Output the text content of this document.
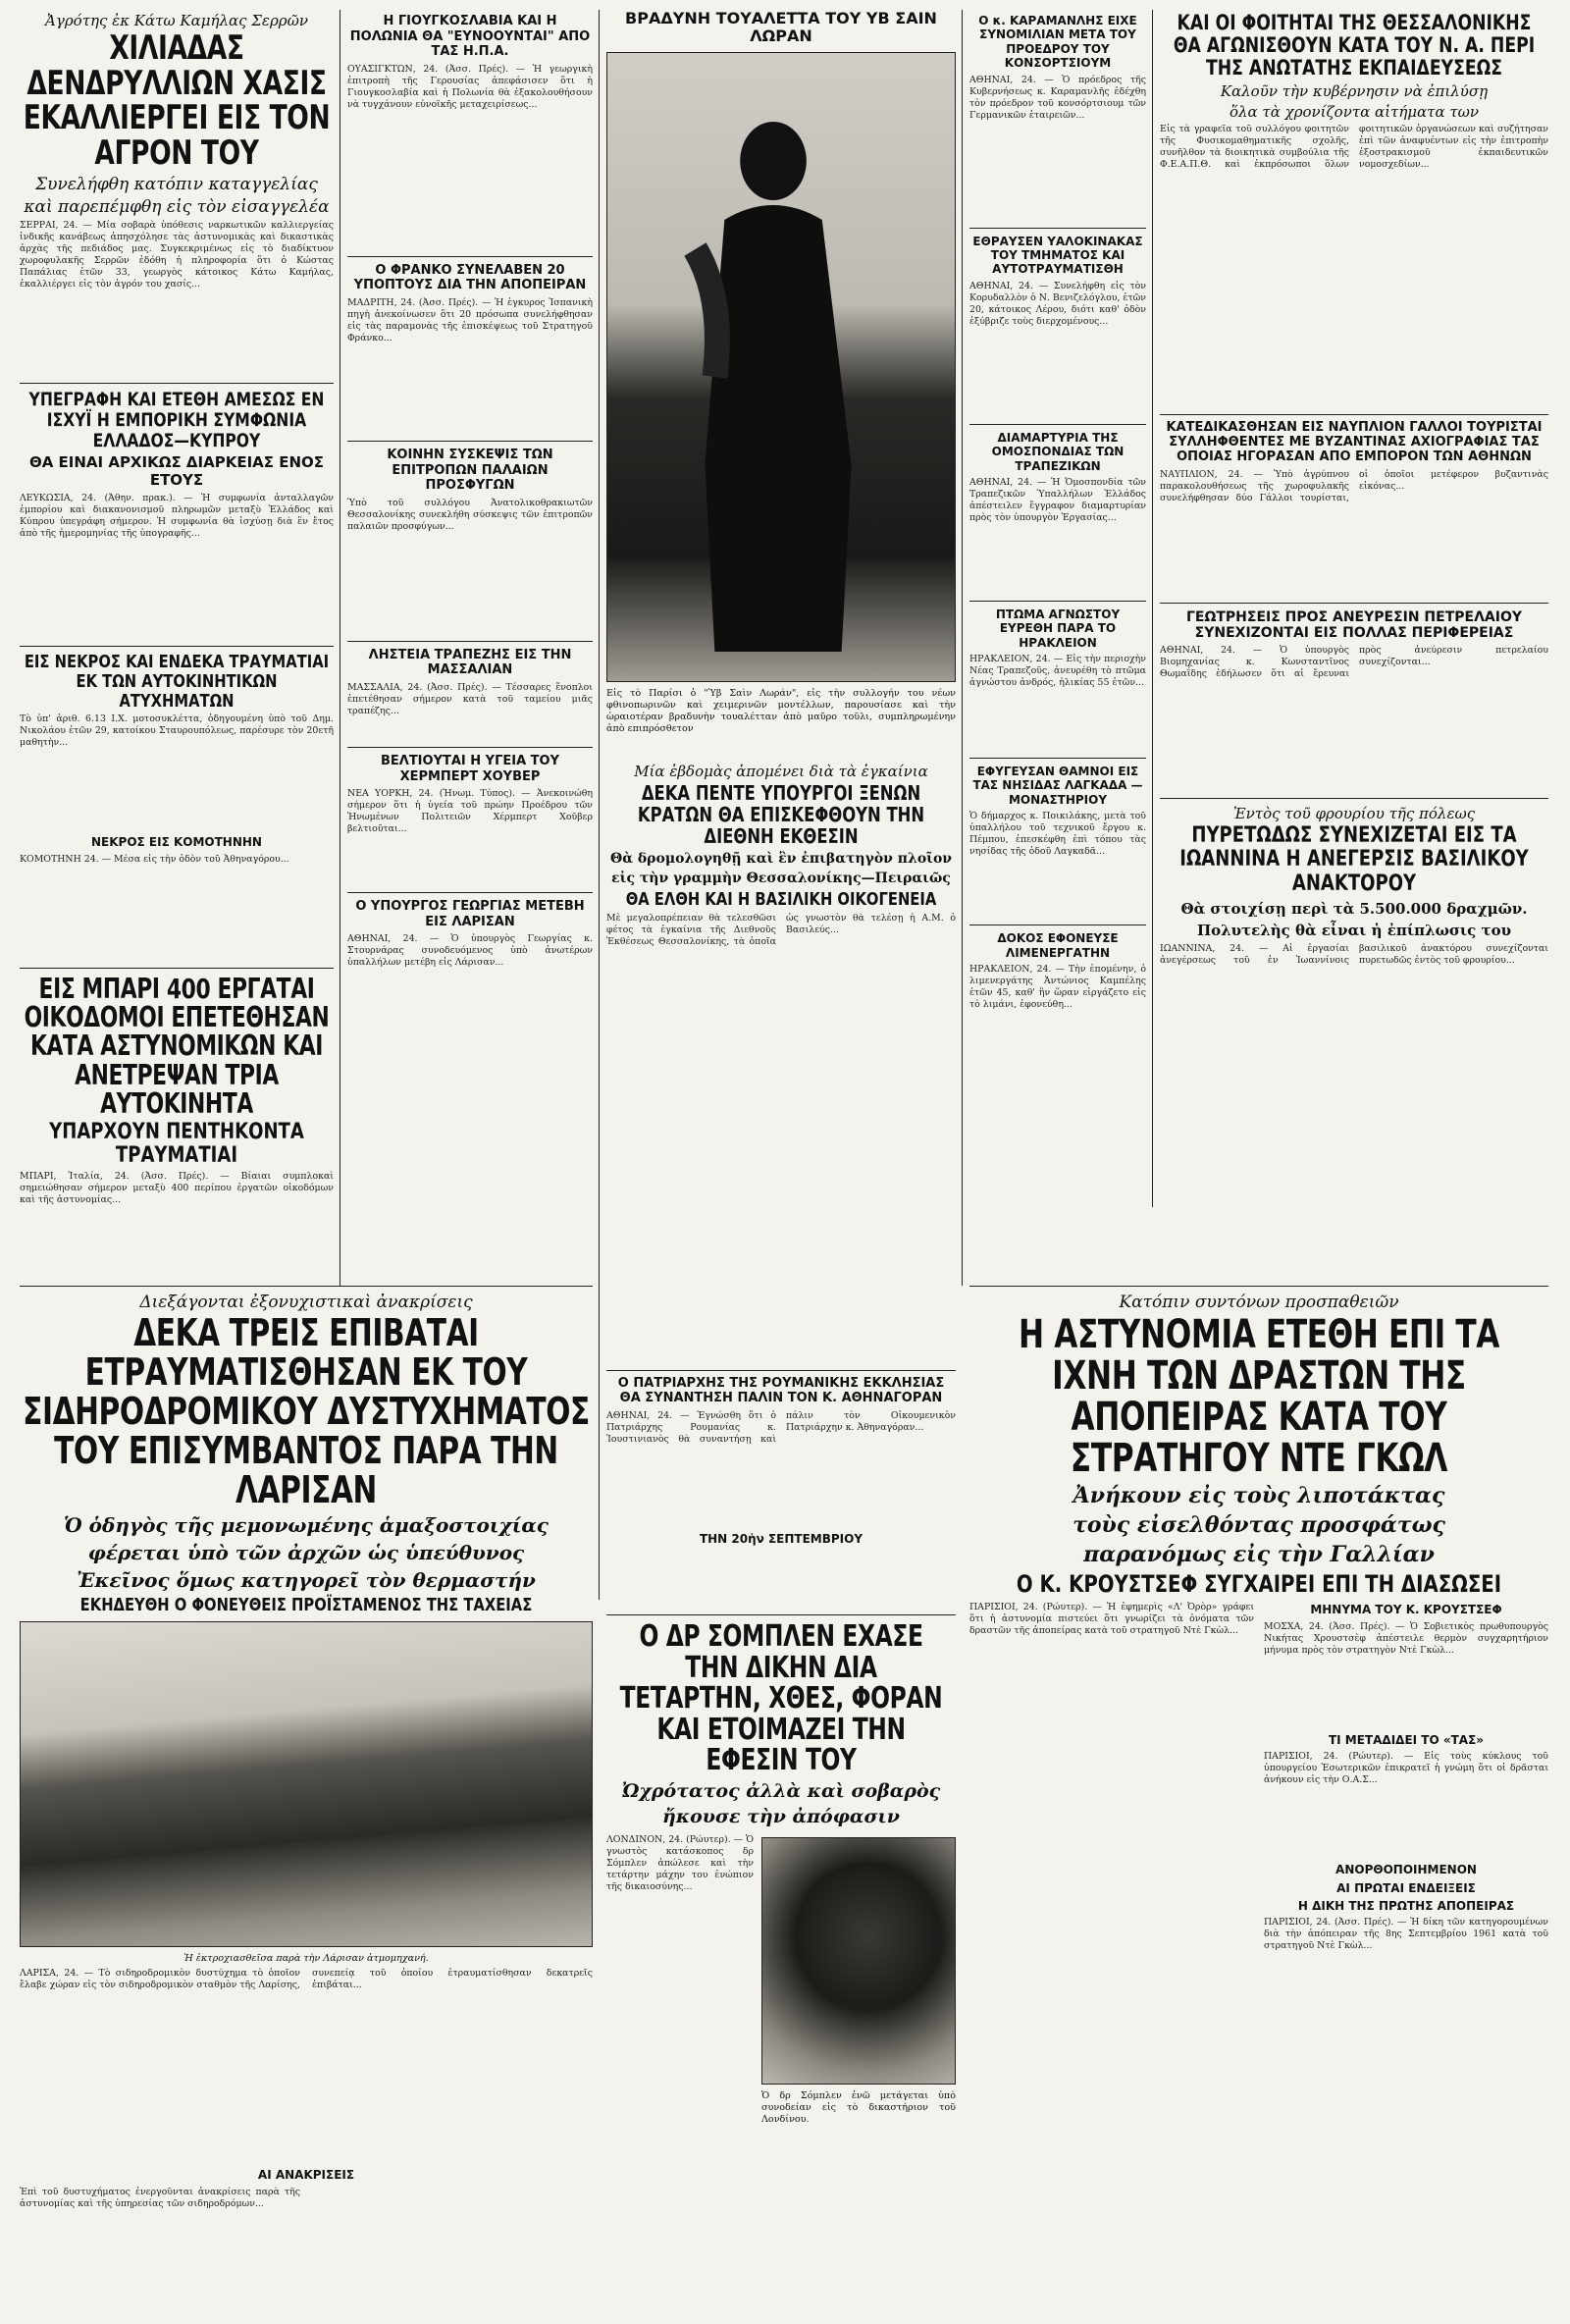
Ἀγρότης ἐκ Κάτω Καμήλας Σερρῶν
ΧΙΛΙΑΔΑΣ ΔΕΝΔΡΥΛΛΙΩΝ ΧΑΣΙΣ ΕΚΑΛΛΙΕΡΓΕΙ ΕΙΣ ΤΟΝ ΑΓΡΟΝ ΤΟΥ
Συνελήφθη κατόπιν καταγγελίας
καὶ παρεπέμφθη εἰς τὸν εἰσαγγελέα
ΣΕΡΡΑΙ, 24. — Μία σοβαρὰ ὑπόθεσις ναρκωτικῶν καλλιεργείας ἰνδικῆς κανάβεως ἀπησχόλησε τὰς ἀστυνομικὰς καὶ δικαστικὰς ἀρχὰς τῆς πεδιάδος μας. Συγκεκριμένως εἰς τὸ διαδίκτυον χωροφυλακῆς Σερρῶν ἐδόθη ἡ πληροφορία ὅτι ὁ Κώστας Παπάλιας ἐτῶν 33, γεωργὸς κάτοικος Κάτω Καμήλας, ἐκαλλιέργει εἰς τὸν ἀγρόν του χασίς...
ΥΠΕΓΡΑΦΗ ΚΑΙ ΕΤΕΘΗ ΑΜΕΣΩΣ ΕΝ ΙΣΧΥΪ Η ΕΜΠΟΡΙΚΗ ΣΥΜΦΩΝΙΑ ΕΛΛΑΔΟΣ—ΚΥΠΡΟΥ
ΘΑ ΕΙΝΑΙ ΑΡΧΙΚΩΣ ΔΙΑΡΚΕΙΑΣ ΕΝΟΣ ΕΤΟΥΣ
ΛΕΥΚΩΣΙΑ, 24. (Ἀθην. πρακ.). — Ἡ συμφωνία ἀνταλλαγῶν ἐμπορίου καὶ διακανονισμοῦ πληρωμῶν μεταξὺ Ἑλλάδος καὶ Κύπρου ὑπεγράφη σήμερον. Ἡ συμφωνία θὰ ἰσχύσῃ διὰ ἓν ἔτος ἀπὸ τῆς ἡμερομηνίας τῆς ὑπογραφῆς...
ΕΙΣ ΝΕΚΡΟΣ ΚΑΙ ΕΝΔΕΚΑ ΤΡΑΥΜΑΤΙΑΙ ΕΚ ΤΩΝ ΑΥΤΟΚΙΝΗΤΙΚΩΝ ΑΤΥΧΗΜΑΤΩΝ
Τὸ ὑπ' ἀριθ. 6.13 Ι.Χ. μοτοσυκλέττα, ὁδηγουμένη ὑπὸ τοῦ Δημ. Νικολάου ἐτῶν 29, κατοίκου Σταυρουπόλεως, παρέσυρε τὸν 20ετῆ μαθητὴν...
ΝΕΚΡΟΣ ΕΙΣ ΚΟΜΟΤΗΝΗΝ
ΚΟΜΟΤΗΝΗ 24. — Μέσα εἰς τὴν ὁδὸν τοῦ Ἀθηναγόρου...
ΕΙΣ ΜΠΑΡΙ 400 ΕΡΓΑΤΑΙ ΟΙΚΟΔΟΜΟΙ ΕΠΕΤΕΘΗΣΑΝ ΚΑΤΑ ΑΣΤΥΝΟΜΙΚΩΝ ΚΑΙ ΑΝΕΤΡΕΨΑΝ ΤΡΙΑ ΑΥΤΟΚΙΝΗΤΑ
ΥΠΑΡΧΟΥΝ ΠΕΝΤΗΚΟΝΤΑ ΤΡΑΥΜΑΤΙΑΙ
ΜΠΑΡΙ, Ἰταλία, 24. (Ἀσσ. Πρές). — Βίαιαι συμπλοκαὶ σημειώθησαν σήμερον μεταξὺ 400 περίπου ἐργατῶν οἰκοδόμων καὶ τῆς ἀστυνομίας...
Η ΓΙΟΥΓΚΟΣΛΑΒΙΑ ΚΑΙ Η ΠΟΛΩΝΙΑ ΘΑ "ΕΥΝΟΟΥΝΤΑΙ" ΑΠΟ ΤΑΣ Η.Π.Α.
ΟΥΑΣΙΓΚΤΩΝ, 24. (Ἀσσ. Πρές). — Ἡ γεωργικὴ ἐπιτροπὴ τῆς Γερουσίας ἀπεφάσισεν ὅτι ἡ Γιουγκοσλαβία καὶ ἡ Πολωνία θὰ ἐξακολουθήσουν νὰ τυγχάνουν εὐνοϊκῆς μεταχειρίσεως...
Ο ΦΡΑΝΚΟ ΣΥΝΕΛΑΒΕΝ 20 ΥΠΟΠΤΟΥΣ ΔΙΑ ΤΗΝ ΑΠΟΠΕΙΡΑΝ
ΜΑΔΡΙΤΗ, 24. (Ἀσσ. Πρές). — Ἡ ἐγκυρος Ἰσπανικὴ πηγὴ ἀνεκοίνωσεν ὅτι 20 πρόσωπα συνελήφθησαν εἰς τὰς παραμονὰς τῆς ἐπισκέψεως τοῦ Στρατηγοῦ Φράνκο...
ΚΟΙΝΗΝ ΣΥΣΚΕΨΙΣ ΤΩΝ ΕΠΙΤΡΟΠΩΝ ΠΑΛΑΙΩΝ ΠΡΟΣΦΥΓΩΝ
Ὑπὸ τοῦ συλλόγου Ἀνατολικοθρακιωτῶν Θεσσαλονίκης συνεκλήθη σύσκεψις τῶν ἐπιτροπῶν παλαιῶν προσφύγων...
ΛΗΣΤΕΙΑ ΤΡΑΠΕΖΗΣ ΕΙΣ ΤΗΝ ΜΑΣΣΑΛΙΑΝ
ΜΑΣΣΑΛΙΑ, 24. (Ἀσσ. Πρές). — Τέσσαρες ἔνοπλοι ἐπετέθησαν σήμερον κατὰ τοῦ ταμείου μιᾶς τραπέζης...
ΒΕΛΤΙΟΥΤΑΙ Η ΥΓΕΙΑ ΤΟΥ ΧΕΡΜΠΕΡΤ ΧΟΥΒΕΡ
ΝΕΑ ΥΟΡΚΗ, 24. (Ἡνωμ. Τύπος). — Ἀνεκοινώθη σήμερον ὅτι ἡ ὑγεία τοῦ πρώην Προέδρου τῶν Ἡνωμένων Πολιτειῶν Χέρμπερτ Χοῦβερ βελτιοῦται...
Ο ΥΠΟΥΡΓΟΣ ΓΕΩΡΓΙΑΣ ΜΕΤΕΒΗ ΕΙΣ ΛΑΡΙΣΑΝ
ΑΘΗΝΑΙ, 24. — Ὁ ὑπουργὸς Γεωργίας κ. Στουρνάρας συνοδευόμενος ὑπὸ ἀνωτέρων ὑπαλλήλων μετέβη εἰς Λάρισαν...
ΒΡΑΔΥΝΗ ΤΟΥΑΛΕΤΤΑ ΤΟΥ ΥΒ ΣΑΙΝ ΛΩΡΑΝ
Εἰς τὸ Παρίσι ὁ "Ὑβ Σαὶν Λωράν", εἰς τὴν συλλογήν του νέων φθινοπωρινῶν καὶ χειμερινῶν μοντέλλων, παρουσίασε καὶ τὴν ὡραιοτέραν βραδυνὴν τουαλέτταν ἀπὸ μαῦρο τοῦλι, συμπληρωμένην ἀπὸ επιπρόσθετον
Ο κ. ΚΑΡΑΜΑΝΛΗΣ ΕΙΧΕ ΣΥΝΟΜΙΛΙΑΝ ΜΕΤΑ ΤΟΥ ΠΡΟΕΔΡΟΥ ΤΟΥ ΚΟΝΣΟΡΤΣΙΟΥΜ
ΑΘΗΝΑΙ, 24. — Ὁ πρόεδρος τῆς Κυβερνήσεως κ. Καραμανλῆς ἐδέχθη τὸν πρόεδρον τοῦ κονσόρτσιουμ τῶν Γερμανικῶν ἑταιρειῶν...
ΕΘΡΑΥΣΕΝ ΥΑΛΟΚΙΝΑΚΑΣ ΤΟΥ ΤΜΗΜΑΤΟΣ ΚΑΙ ΑΥΤΟΤΡΑΥΜΑΤΙΣΘΗ
ΑΘΗΝΑΙ, 24. — Συνελήφθη εἰς τὸν Κορυδαλλὸν ὁ Ν. Βενιζελόγλου, ἐτῶν 20, κάτοικος Λέρου, διότι καθ' ὁδὸν ἐξύβριζε τοὺς διερχομένους...
ΔΙΑΜΑΡΤΥΡΙΑ ΤΗΣ ΟΜΟΣΠΟΝΔΙΑΣ ΤΩΝ ΤΡΑΠΕΖΙΚΩΝ
ΑΘΗΝΑΙ, 24. — Ἡ Ὁμοσπονδία τῶν Τραπεζικῶν Ὑπαλλήλων Ἑλλάδος ἀπέστειλεν ἔγγραφον διαμαρτυρίαν πρὸς τὸν ὑπουργὸν Ἐργασίας...
ΠΤΩΜΑ ΑΓΝΩΣΤΟΥ ΕΥΡΕΘΗ ΠΑΡΑ ΤΟ ΗΡΑΚΛΕΙΟΝ
ΗΡΑΚΛΕΙΟΝ, 24. — Εἰς τὴν περιοχὴν Νέας Τραπεζοῦς, ἀνευρέθη τὸ πτῶμα ἀγνώστου ἀνδρός, ἡλικίας 55 ἐτῶν...
ΕΦΥΓΕΥΣΑΝ ΘΑΜΝΟΙ ΕΙΣ ΤΑΣ ΝΗΣΙΔΑΣ ΛΑΓΚΑΔΑ — ΜΟΝΑΣΤΗΡΙΟΥ
Ὁ δήμαρχος κ. Ποικιλάκης, μετὰ τοῦ ὑπαλλήλου τοῦ τεχνικοῦ ἔργου κ. Πέμπου, ἐπεσκέφθη ἐπὶ τόπου τὰς νησίδας τῆς ὁδοῦ Λαγκαδᾶ...
ΔΟΚΟΣ ΕΦΟΝΕΥΣΕ ΛΙΜΕΝΕΡΓΑΤΗΝ
ΗΡΑΚΛΕΙΟΝ, 24. — Τὴν ἐπομένην, ὁ λιμενεργάτης Ἀντώνιος Καμπέλης ἐτῶν 45, καθ' ἣν ὥραν εἰργάζετο εἰς τὸ λιμάνι, ἐφονεύθη...
ΚΑΙ ΟΙ ΦΟΙΤΗΤΑΙ ΤΗΣ ΘΕΣΣΑΛΟΝΙΚΗΣ ΘΑ ΑΓΩΝΙΣΘΟΥΝ ΚΑΤΑ ΤΟΥ Ν. Α. ΠΕΡΙ ΤΗΣ ΑΝΩΤΑΤΗΣ ΕΚΠΑΙΔΕΥΣΕΩΣ
Καλοῦν τὴν κυβέρνησιν νὰ ἐπιλύσῃ
ὅλα τὰ χρονίζοντα αἰτήματα των
Εἰς τὰ γραφεῖα τοῦ συλλόγου φοιτητῶν τῆς Φυσικομαθηματικῆς σχολῆς, συνῆλθον τὰ διοικητικὰ συμβούλια τῆς Φ.Ε.Α.Π.Θ. καὶ ἐκπρόσωποι ὅλων φοιτητικῶν ὀργανώσεων καὶ συζήτησαν ἐπὶ τῶν ἀναφυέντων εἰς τὴν ἐπιτροπὴν ἐξοστρακισμοῦ ἐκπαιδευτικῶν νομοσχεδίων...
ΚΑΤΕΔΙΚΑΣΘΗΣΑΝ ΕΙΣ ΝΑΥΠΛΙΟΝ ΓΑΛΛΟΙ ΤΟΥΡΙΣΤΑΙ ΣΥΛΛΗΦΘΕΝΤΕΣ ΜΕ ΒΥΖΑΝΤΙΝΑΣ ΑΧΙΟΓΡΑΦΙΑΣ ΤΑΣ ΟΠΟΙΑΣ ΗΓΟΡΑΣΑΝ ΑΠΟ ΕΜΠΟΡΟΝ ΤΩΝ ΑΘΗΝΩΝ
ΝΑΥΠΛΙΟΝ, 24. — Ὑπὸ ἀγρύπνου παρακολουθήσεως τῆς χωροφυλακῆς συνελήφθησαν δύο Γάλλοι τουρίσται, οἱ ὁποῖοι μετέφερον βυζαντινὰς εἰκόνας...
ΓΕΩΤΡΗΣΕΙΣ ΠΡΟΣ ΑΝΕΥΡΕΣΙΝ ΠΕΤΡΕΛΑΙΟΥ ΣΥΝΕΧΙΖΟΝΤΑΙ ΕΙΣ ΠΟΛΛΑΣ ΠΕΡΙΦΕΡΕΙΑΣ
ΑΘΗΝΑΙ, 24. — Ὁ ὑπουργὸς Βιομηχανίας κ. Κωνσταντῖνος Θωμαΐδης ἐδήλωσεν ὅτι αἱ ἔρευναι πρὸς ἀνεύρεσιν πετρελαίου συνεχίζονται...
Ἐντὸς τοῦ φρουρίου τῆς πόλεως
ΠΥΡΕΤΩΔΩΣ ΣΥΝΕΧΙΖΕΤΑΙ ΕΙΣ ΤΑ ΙΩΑΝΝΙΝΑ Η ΑΝΕΓΕΡΣΙΣ ΒΑΣΙΛΙΚΟΥ ΑΝΑΚΤΟΡΟΥ
Θὰ στοιχίσῃ περὶ τὰ 5.500.000 δραχμῶν.
Πολυτελὴς θὰ εἶναι ἡ ἐπίπλωσις του
ΙΩΑΝΝΙΝΑ, 24. — Αἱ ἐργασίαι ἀνεγέρσεως τοῦ ἐν Ἰωαννίνοις βασιλικοῦ ἀνακτόρου συνεχίζονται πυρετωδῶς ἐντὸς τοῦ φρουρίου...
Διεξάγονται ἐξονυχιστικαὶ ἀνακρίσεις
ΔΕΚΑ ΤΡΕΙΣ ΕΠΙΒΑΤΑΙ ΕΤΡΑΥΜΑΤΙΣΘΗΣΑΝ ΕΚ ΤΟΥ ΣΙΔΗΡΟΔΡΟΜΙΚΟΥ ΔΥΣΤΥΧΗΜΑΤΟΣ ΤΟΥ ΕΠΙΣΥΜΒΑΝΤΟΣ ΠΑΡΑ ΤΗΝ ΛΑΡΙΣΑΝ
Ὁ ὁδηγὸς τῆς μεμονωμένης ἁμαξοστοιχίας
φέρεται ὑπὸ τῶν ἀρχῶν ὡς ὑπεύθυνος
Ἐκεῖνος ὅμως κατηγορεῖ τὸν θερμαστήν
ΕΚΗΔΕΥΘΗ Ο ΦΟΝΕΥΘΕΙΣ ΠΡΟΪΣΤΑΜΕΝΟΣ ΤΗΣ ΤΑΧΕΙΑΣ
Ἡ ἐκτροχιασθεῖσα παρὰ τὴν Λάρισαν ἀτμομηχανή.
ΛΑΡΙΣΑ, 24. — Τὸ σιδηροδρομικὸν δυστύχημα τὸ ὁποῖον ἔλαβε χώραν εἰς τὸν σιδηροδρομικὸν σταθμὸν τῆς Λαρίσης, συνεπείᾳ τοῦ ὁποίου ἐτραυματίσθησαν δεκατρεῖς ἐπιβάται...
ΑΙ ΑΝΑΚΡΙΣΕΙΣ
Ἐπὶ τοῦ δυστυχήματος ἐνεργοῦνται ἀνακρίσεις παρὰ τῆς ἀστυνομίας καὶ τῆς ὑπηρεσίας τῶν σιδηροδρόμων...
Μία ἑβδομὰς ἀπομένει διὰ τὰ ἐγκαίνια
ΔΕΚΑ ΠΕΝΤΕ ΥΠΟΥΡΓΟΙ ΞΕΝΩΝ ΚΡΑΤΩΝ ΘΑ ΕΠΙΣΚΕΦΘΟΥΝ ΤΗΝ ΔΙΕΘΝΗ ΕΚΘΕΣΙΝ
Θὰ δρομολογηθῇ καὶ ἓν ἐπιβατηγὸν πλοῖον
εἰς τὴν γραμμὴν Θεσσαλονίκης—Πειραιῶς
ΘΑ ΕΛΘΗ ΚΑΙ Η ΒΑΣΙΛΙΚΗ ΟΙΚΟΓΕΝΕΙΑ
Μὲ μεγαλοπρέπειαν θὰ τελεσθῶσι φέτος τὰ ἐγκαίνια τῆς Διεθνοῦς Ἐκθέσεως Θεσσαλονίκης, τὰ ὁποῖα ὡς γνωστὸν θὰ τελέσῃ ἡ Α.Μ. ὁ Βασιλεύς...
Ο ΠΑΤΡΙΑΡΧΗΣ ΤΗΣ ΡΟΥΜΑΝΙΚΗΣ ΕΚΚΛΗΣΙΑΣ ΘΑ ΣΥΝΑΝΤΗΣΗ ΠΑΛΙΝ ΤΟΝ Κ. ΑΘΗΝΑΓΟΡΑΝ
ΑΘΗΝΑΙ, 24. — Ἐγνώσθη ὅτι ὁ Πατριάρχης Ρουμανίας κ. Ἰουστινιανὸς θὰ συναντήσῃ καὶ πάλιν τὸν Οἰκουμενικὸν Πατριάρχην κ. Ἀθηναγόραν...
ΤΗΝ 20ἡν ΣΕΠΤΕΜΒΡΙΟΥ
Ο ΔΡ ΣΟΜΠΛΕΝ ΕΧΑΣΕ ΤΗΝ ΔΙΚΗΝ ΔΙΑ ΤΕΤΑΡΤΗΝ, ΧΘΕΣ, ΦΟΡΑΝ ΚΑΙ ΕΤΟΙΜΑΖΕΙ ΤΗΝ ΕΦΕΣΙΝ ΤΟΥ
Ὠχρότατος ἀλλὰ καὶ σοβαρὸς
ἤκουσε τὴν ἀπόφασιν
ΛΟΝΔΙΝΟΝ, 24. (Ρώυτερ). — Ὁ γνωστὸς κατάσκοπος δρ Σόμπλεν ἀπώλεσε καὶ τὴν τετάρτην μάχην του ἐνώπιον τῆς δικαιοσύνης...
Ὁ δρ Σόμπλεν ἐνῶ μετάγεται ὑπὸ συνοδείαν εἰς τὸ δικαστήριον τοῦ Λονδίνου.
Κατόπιν συντόνων προσπαθειῶν
Η ΑΣΤΥΝΟΜΙΑ ΕΤΕΘΗ ΕΠΙ ΤΑ ΙΧΝΗ ΤΩΝ ΔΡΑΣΤΩΝ ΤΗΣ ΑΠΟΠΕΙΡΑΣ ΚΑΤΑ ΤΟΥ ΣΤΡΑΤΗΓΟΥ ΝΤΕ ΓΚΩΛ
Ἀνήκουν εἰς τοὺς λιποτάκτας
τοὺς εἰσελθόντας προσφάτως
παρανόμως εἰς τὴν Γαλλίαν
Ο Κ. ΚΡΟΥΣΤΣΕΦ ΣΥΓΧΑΙΡΕΙ ΕΠΙ ΤΗ ΔΙΑΣΩΣΕΙ
ΠΑΡΙΣΙΟΙ, 24. (Ρώυτερ). — Ἡ ἐφημερὶς «Λ' Ὀρὸρ» γράφει ὅτι ἡ ἀστυνομία πιστεύει ὅτι γνωρίζει τὰ ὀνόματα τῶν δραστῶν τῆς ἀποπείρας κατὰ τοῦ στρατηγοῦ Ντὲ Γκὼλ...
ΜΗΝΥΜΑ ΤΟΥ Κ. ΚΡΟΥΣΤΣΕΦ
ΜΟΣΧΑ, 24. (Ἀσσ. Πρές). — Ὁ Σοβιετικὸς πρωθυπουργὸς Νικήτας Χρουστσὲφ ἀπέστειλε θερμὸν συγχαρητήριον μήνυμα πρὸς τὸν στρατηγὸν Ντὲ Γκὼλ...
ΤΙ ΜΕΤΑΔΙΔΕΙ ΤΟ «ΤΑΣ»
ΠΑΡΙΣΙΟΙ, 24. (Ρώυτερ). — Εἰς τοὺς κύκλους τοῦ ὑπουργείου Ἐσωτερικῶν ἐπικρατεῖ ἡ γνώμη ὅτι οἱ δρᾶσται ἀνήκουν εἰς τὴν Ο.Α.Σ...
ΑΝΟΡΘΟΠΟΙΗΜΕΝΟΝ
ΑΙ ΠΡΩΤΑΙ ΕΝΔΕΙΞΕΙΣ
Η ΔΙΚΗ ΤΗΣ ΠΡΩΤΗΣ ΑΠΟΠΕΙΡΑΣ
ΠΑΡΙΣΙΟΙ, 24. (Ἀσσ. Πρές). — Ἡ δίκη τῶν κατηγορουμένων διὰ τὴν ἀπόπειραν τῆς 8ης Σεπτεμβρίου 1961 κατὰ τοῦ στρατηγοῦ Ντὲ Γκὼλ...
